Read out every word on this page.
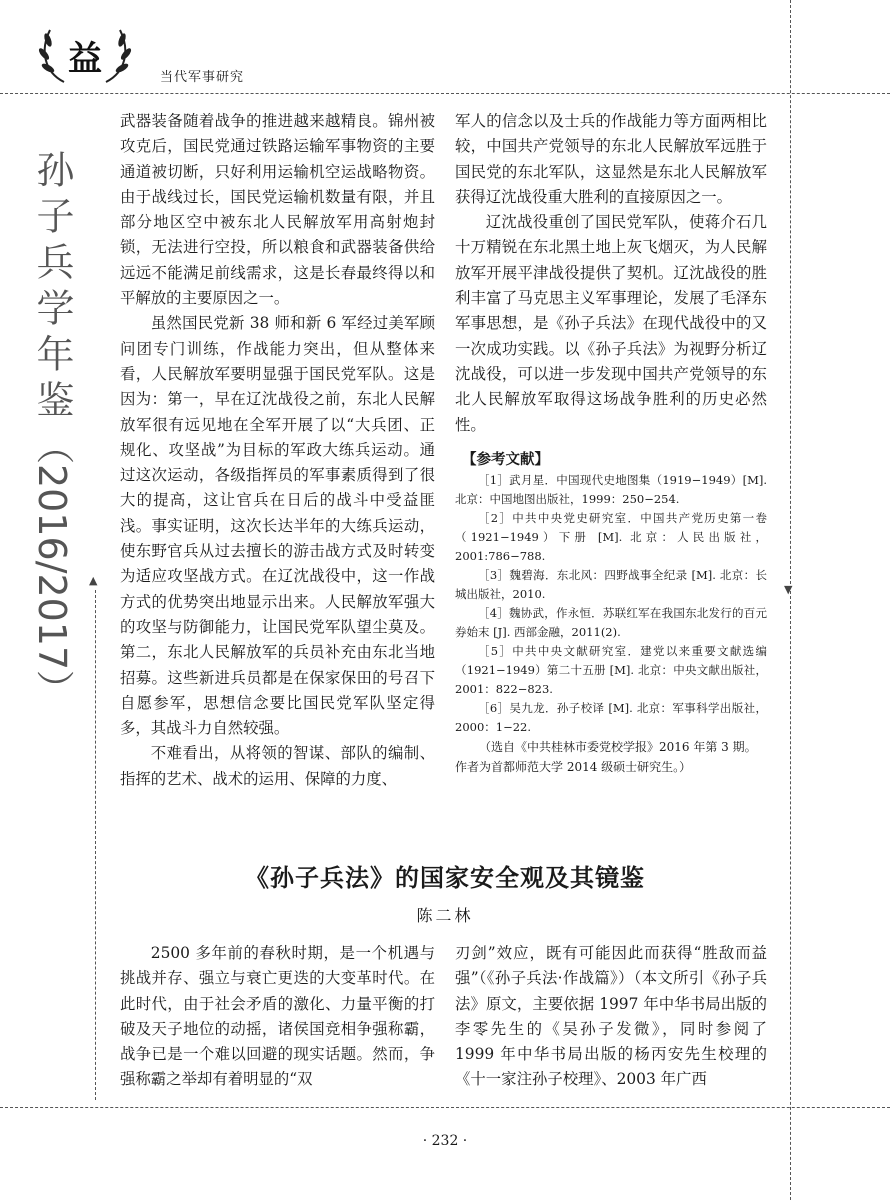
▲
▼
益	当代军事研究
孙子兵学年鉴（2016/2017）

武器装备随着战争的推进越来越精良。锦州被攻克后，国民党通过铁路运输军事物资的主要通道被切断，只好利用运输机空运战略物资。由于战线过长，国民党运输机数量有限，并且部分地区空中被东北人民解放军用高射炮封锁，无法进行空投，所以粮食和武器装备供给远远不能满足前线需求，这是长春最终得以和平解放的主要原因之一。

虽然国民党新 38 师和新 6 军经过美军顾问团专门训练，作战能力突出，但从整体来看，人民解放军要明显强于国民党军队。这是因为：第一，早在辽沈战役之前，东北人民解放军很有远见地在全军开展了以“大兵团、正规化、攻坚战”为目标的军政大练兵运动。通过这次运动，各级指挥员的军事素质得到了很大的提高，这让官兵在日后的战斗中受益匪浅。事实证明，这次长达半年的大练兵运动，使东野官兵从过去擅长的游击战方式及时转变为适应攻坚战方式。在辽沈战役中，这一作战方式的优势突出地显示出来。人民解放军强大的攻坚与防御能力，让国民党军队望尘莫及。第二，东北人民解放军的兵员补充由东北当地招募。这些新进兵员都是在保家保田的号召下自愿参军，思想信念要比国民党军队坚定得多，其战斗力自然较强。

不难看出，从将领的智谋、部队的编制、指挥的艺术、战术的运用、保障的力度、

军人的信念以及士兵的作战能力等方面两相比较，中国共产党领导的东北人民解放军远胜于国民党的东北军队，这显然是东北人民解放军获得辽沈战役重大胜利的直接原因之一。

辽沈战役重创了国民党军队，使蒋介石几十万精锐在东北黑土地上灰飞烟灭，为人民解放军开展平津战役提供了契机。辽沈战役的胜利丰富了马克思主义军事理论，发展了毛泽东军事思想，是《孙子兵法》在现代战役中的又一次成功实践。以《孙子兵法》为视野分析辽沈战役，可以进一步发现中国共产党领导的东北人民解放军取得这场战争胜利的历史必然性。

【参考文献】

［1］武月星．中国现代史地图集（1919−1949）[M]. 北京：中国地图出版社，1999：250−254.

［2］中共中央党史研究室．中国共产党历史第一卷（1921−1949）下册 [M]. 北京：人民出版社，2001:786−788.

［3］魏碧海．东北风：四野战事全纪录 [M]. 北京：长城出版社，2010.

［4］魏协武，作永恒．苏联红军在我国东北发行的百元券始末 [J]. 西部金融，2011(2).

［5］中共中央文献研究室．建党以来重要文献选编（1921−1949）第二十五册 [M]. 北京：中央文献出版社，2001：822−823.

［6］吴九龙．孙子校译 [M]. 北京：军事科学出版社，2000：1−22.

（选自《中共桂林市委党校学报》2016 年第 3 期。作者为首都师范大学 2014 级硕士研究生。）
《孙子兵法》的国家安全观及其镜鉴
陈二林

2500 多年前的春秋时期，是一个机遇与挑战并存、强立与衰亡更迭的大变革时代。在此时代，由于社会矛盾的激化、力量平衡的打破及天子地位的动摇，诸侯国竞相争强称霸，战争已是一个难以回避的现实话题。然而，争强称霸之举却有着明显的“双

刃剑”效应，既有可能因此而获得“胜敌而益强”（《孙子兵法·作战篇》）（本文所引《孙子兵法》原文，主要依据 1997 年中华书局出版的李零先生的《吴孙子发微》，同时参阅了 1999 年中华书局出版的杨丙安先生校理的《十一家注孙子校理》、2003 年广西

· 232 ·
